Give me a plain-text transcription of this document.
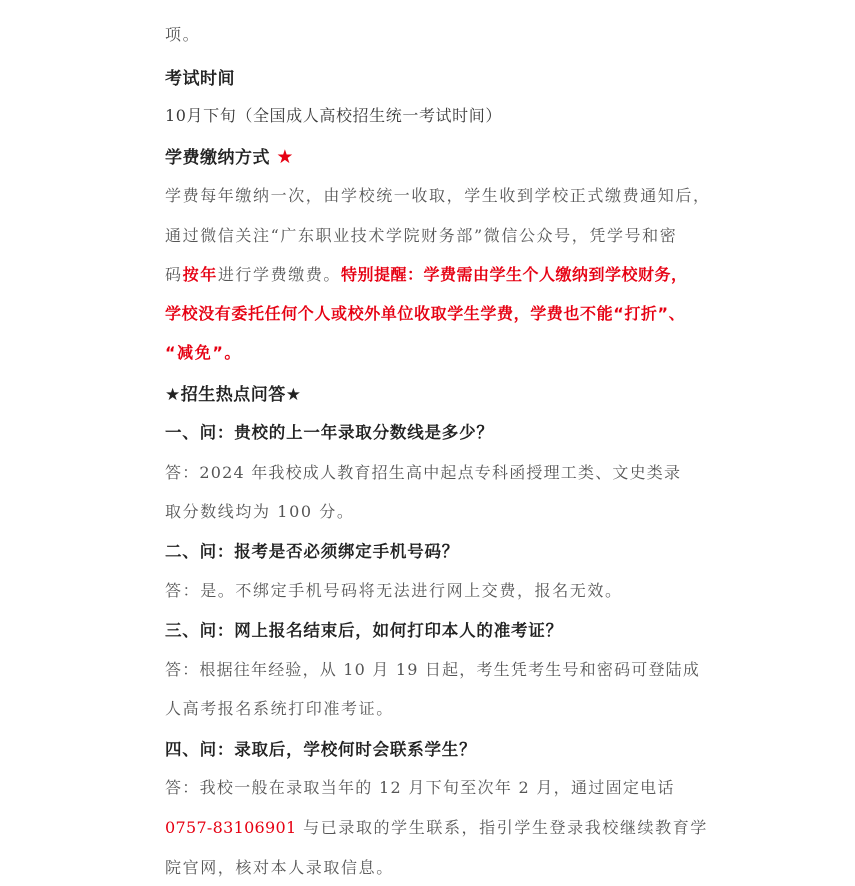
项。
考试时间
10月下旬（全国成人高校招生统一考试时间）
学费缴纳方式 ★
学费每年缴纳一次，由学校统一收取，学生收到学校正式缴费通知后，
通过微信关注“广东职业技术学院财务部”微信公众号，凭学号和密
码按年进行学费缴费。特别提醒：学费需由学生个人缴纳到学校财务，
学校没有委托任何个人或校外单位收取学生学费，学费也不能“打折”、
“减免”。
★招生热点问答★
一、问：贵校的上一年录取分数线是多少？
答：2024 年我校成人教育招生高中起点专科函授理工类、文史类录
取分数线均为 100 分。
二、问：报考是否必须绑定手机号码？
答：是。不绑定手机号码将无法进行网上交费，报名无效。
三、问：网上报名结束后，如何打印本人的准考证？
答：根据往年经验，从 10 月 19 日起，考生凭考生号和密码可登陆成
人高考报名系统打印准考证。
四、问：录取后，学校何时会联系学生？
答：我校一般在录取当年的 12 月下旬至次年 2 月，通过固定电话
0757-83106901 与已录取的学生联系，指引学生登录我校继续教育学
院官网，核对本人录取信息。
